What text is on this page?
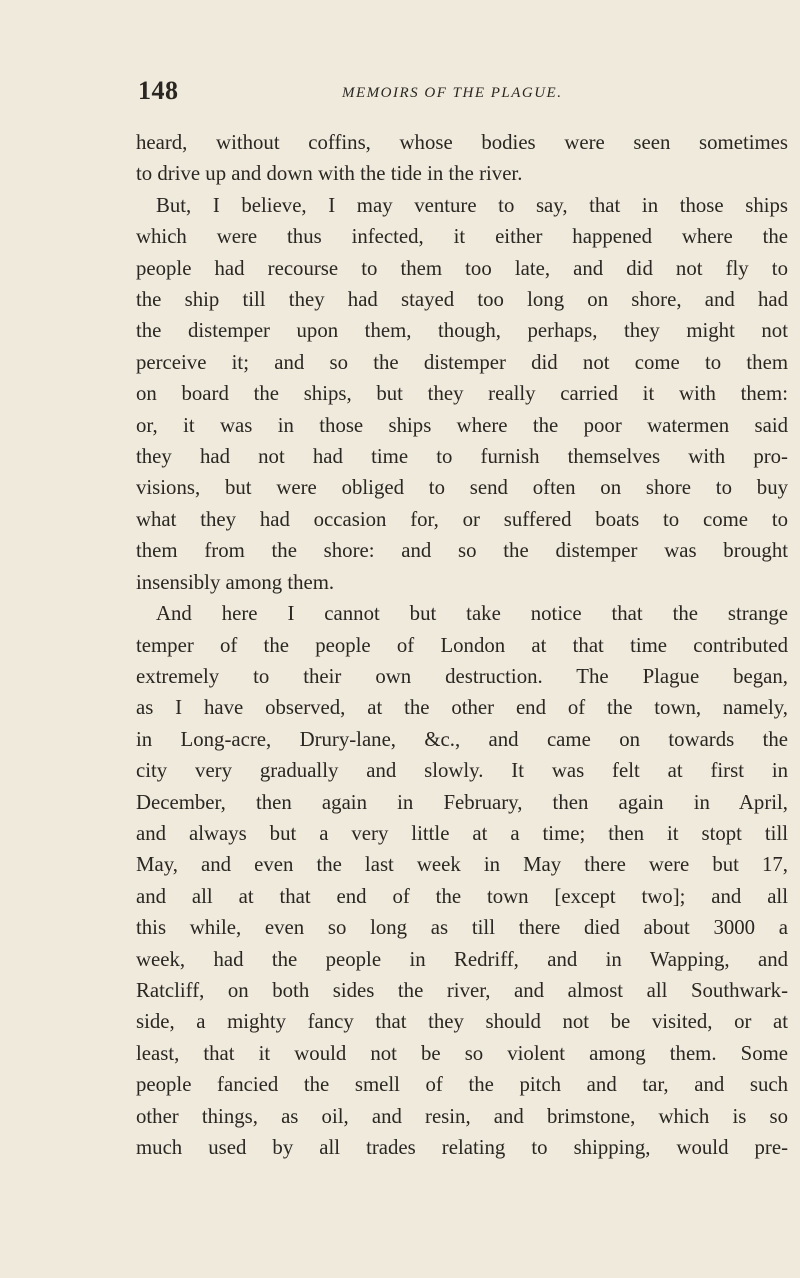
148	MEMOIRS OF THE PLAGUE.
heard, without coffins, whose bodies were seen sometimes
to drive up and down with the tide in the river.
But, I believe, I may venture to say, that in those ships
which were thus infected, it either happened where the
people had recourse to them too late, and did not fly to
the ship till they had stayed too long on shore, and had
the distemper upon them, though, perhaps, they might not
perceive it; and so the distemper did not come to them
on board the ships, but they really carried it with them:
or, it was in those ships where the poor watermen said
they had not had time to furnish themselves with pro-
visions, but were obliged to send often on shore to buy
what they had occasion for, or suffered boats to come to
them from the shore: and so the distemper was brought
insensibly among them.
And here I cannot but take notice that the strange
temper of the people of London at that time contributed
extremely to their own destruction. The Plague began,
as I have observed, at the other end of the town, namely,
in Long-acre, Drury-lane, &c., and came on towards the
city very gradually and slowly. It was felt at first in
December, then again in February, then again in April,
and always but a very little at a time; then it stopt till
May, and even the last week in May there were but 17,
and all at that end of the town [except two]; and all
this while, even so long as till there died about 3000 a
week, had the people in Redriff, and in Wapping, and
Ratcliff, on both sides the river, and almost all Southwark-
side, a mighty fancy that they should not be visited, or at
least, that it would not be so violent among them. Some
people fancied the smell of the pitch and tar, and such
other things, as oil, and resin, and brimstone, which is so
much used by all trades relating to shipping, would pre-
